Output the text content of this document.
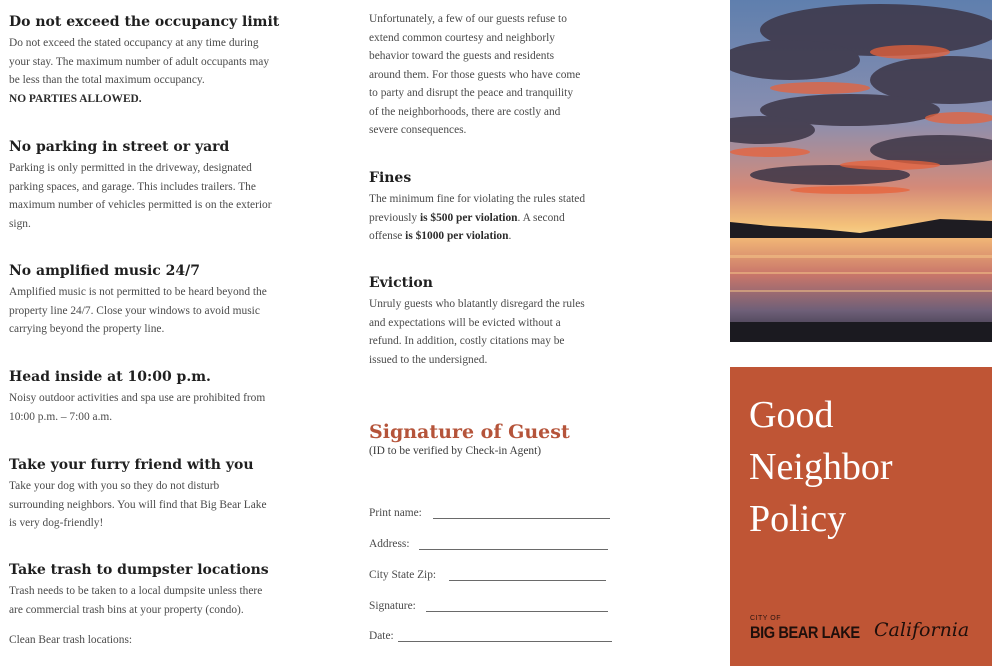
Do not exceed the occupancy limit
Do not exceed the stated occupancy at any time during
your stay. The maximum number of adult occupants may
be less than the total maximum occupancy.
NO PARTIES ALLOWED.
No parking in street or yard
Parking is only permitted in the driveway, designated
parking spaces, and garage. This includes trailers. The
maximum number of vehicles permitted is on the exterior
sign.
No amplified music 24/7
Amplified music is not permitted to be heard beyond the
property line 24/7. Close your windows to avoid music
carrying beyond the property line.
Head inside at 10:00 p.m.
Noisy outdoor activities and spa use are prohibited from
10:00 p.m. – 7:00 a.m.
Take your furry friend with you
Take your dog with you so they do not disturb
surrounding neighbors. You will find that Big Bear Lake
is very dog-friendly!
Take trash to dumpster locations
Trash needs to be taken to a local dumpsite unless there
are commercial trash bins at your property (condo).
Clean Bear trash locations:
Unfortunately, a few of our guests refuse to
extend common courtesy and neighborly
behavior toward the guests and residents
around them. For those guests who have come
to party and disrupt the peace and tranquility
of the neighborhoods, there are costly and
severe consequences.
Fines
The minimum fine for violating the rules stated
previously is $500 per violation. A second
offense is $1000 per violation.
Eviction
Unruly guests who blatantly disregard the rules
and expectations will be evicted without a
refund. In addition, costly citations may be
issued to the undersigned.
Signature of Guest
(ID to be verified by Check-in Agent)
Print name:
Address:
City State Zip:
Signature:
Date:
Good
Neighbor
Policy
CITY OF
BIG BEAR LAKE California
